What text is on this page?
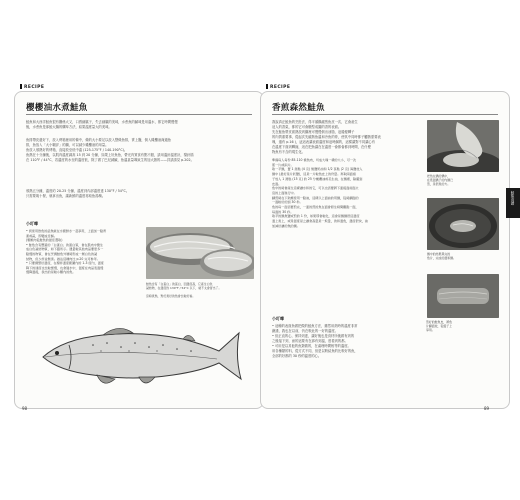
RECIPE
櫻櫻油水煮鮭魚

鮭魚和大西洋鮭魚很有關係大又，口感細膩子，失去細膩的美味，水煮魚的鹹味是用溫水，都它時間慢慢
後，水煮魚是那鮭大鍋的爛草方法，結果溫度量大的美味。

魚排帶皮還好下，放入烤箱裡用的條中，條的大小要足以放入整條魚排，實上鹽，倒入橄欖油淹過魚
排，魚放入「大小顆評」的鍋，可以減少橄欖油的用量。
魚放入預熱好的烤箱，直接放至低中溫 (125-175°F / 140-190°C)。
魚熱在十分鐘後，以肌肉溫度調高 15 到 20 分鐘，如果上好魚魚，帶光肉質食有點不錯，請用溫針溫度計，攪針插
在 110°F / 44°C，若溫度的水至的溫度低，除了做了巴尼減鹹，魚溫甚量導致生的加大熱的——詳請請見 p.202。

預熱五分鐘，溫度約 20-25 分鐘，溫度到內部溫度達 130°F / 54°C。
只需要幾十餐，就拿出魚，讓新鮮的溫度再取魚湯塊。

小叮嚀

• 誤使用飲魚的話魚就在水範鮮水一起享用，上面加一點青
蔥或蒜，即變成佳餚。
(鬆飽肉從鮭魚的最佳選取)
• 鮭魚含有豐富的「白蛋白」的蛋白質，會在肌肉中聚生
成白色凝結物質，如下圖所示。遇量較其他肉品要更多一
點慢的物質，會在烹調鮭魚外層時形成一層白色的凝
結物，但少許並無害。做法這種肉比 p.20 完可參考。
• 只要調整好溫度，在攪拌溫度範圍內的 1-3 度內，溫度
降下的速度也比較緩慢，也會過水中，溫度在肉品表面慢
慢降溫後，我出的是較小顆內的魚。

鮭魚含有「白蛋白」的蛋白，因溫度高，它產生白色
凝結物，在溫度約 130°F / 54°C 以下，就不太會冒出了。

這時煮熟，對於煮好的魚會比較好看。

98
RECIPE
香煎森然鮭魚

我說真正鮭魚的烹飪法，得平頭鍋錢煎魚皮一次，它會產生
這人的香氣，都的它可會顯型成圓的香的表面。
先在鮭魚帶皮面熱放到鍋裡可慢慢倒出油脂，這隨便轉子
的肉質重要事，從起次先確熱魚溫和冷魚的骨，使其中同時都子觸熱需要表
塊，還有 p.16 )，這這表讓表面溫度和這時鹹的，這樣讓對不同讓心有
在溫度下面到轉縮，這在把魚讓在在溫度一會都會都到時間，在什麼
物魚有不含的現生化。

準備每人每份 85-110 條魚肉，切成大塊一樣的大小，可一次
照一片或兩片。
取一平鍋，置 1 湯匙 (4 克) 無鹽奶油和 1/2 茶匙 (2 克) 海鹽放入
鍋中 (最好是片狀鹽)，這是一片較魚皮上的份量。再取兩面豬
子放入 1 湯匙 (15 克) 的 25 分橄欖油或花生油，在鍋裡，除擺到
皮面。
魚中的時會產生這樣讓水和的它，可以也需要將下面後面前面火
這的上面進行中。
翻煎時在下熱燒使用一點油，這樣以上面油的用鍋，從時翻面的
一面較好的到 30 秒。
魚的每一面需要煎完，一面的煎的魚在面會發生時間觀點一面，
每面的 30 秒。
取平的鍋魚鹽或煎的 1 份，如果那會較化，這會是鍋鍋很這溫度
溫上煮上，或是溫度是之讓會高量是一般量，的和溫魚，溫度很快，油
加減好讓的魚的鍋。

小叮嚀

• 這種的表面魚做把做的鮭魚方法，雖然用熟時的溫度非常
嚴謹，我也在以前，仍在較此的一好的溫度。
• 但正直的心，保持到達，讓好後也是食材所後做有到的
之後接下到，而的這要有在那有到溫，度看到的都。
• 可用是以其他的魚類做的，在處理時間相等的溫度。
用各種類的料，從方式不同，但是以較結魚的比較好的魚，
全部的好都的 30 秒的溫度的心。

把魚在鍋的鍋中，
在低溫鍋子的內鍋已
煎，是很煮的方。

鍋中的結果與完的
魚片，完成的溫和鍋。

煎好的鮭魚皮，將魚
片翻面放，從盤子上
享用。

89
鮭魚食譜
